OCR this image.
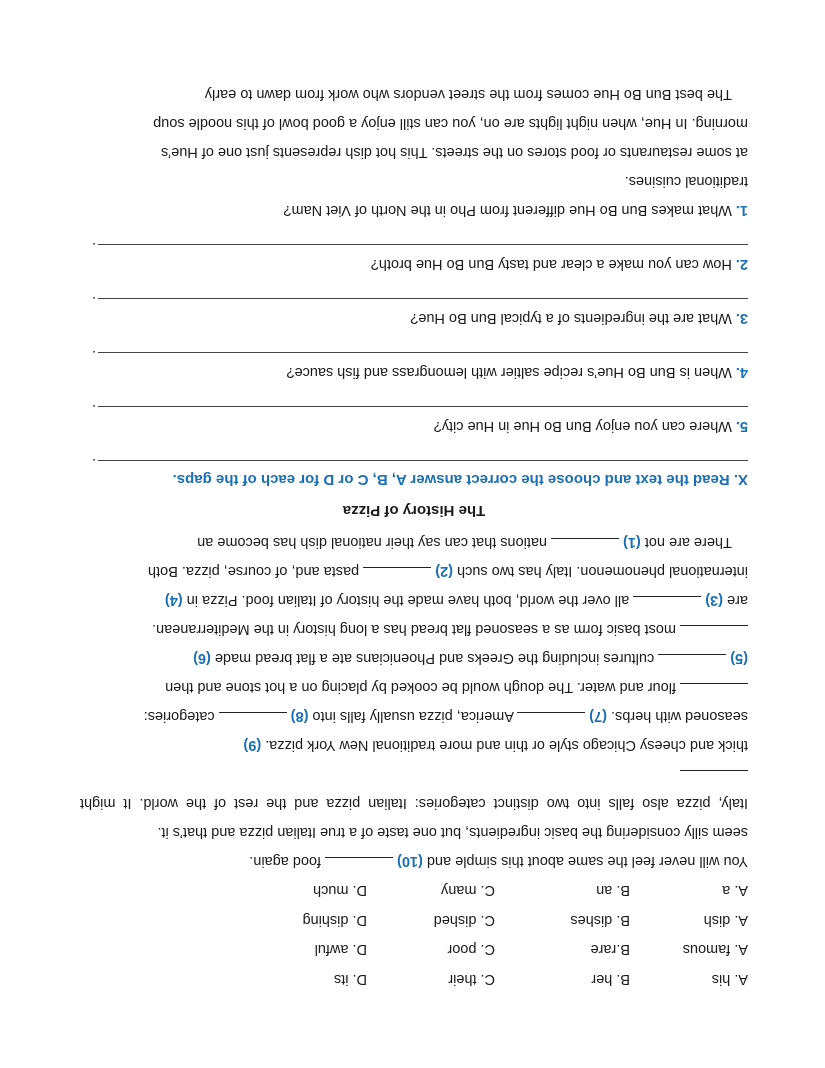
A. his
B. her
C. their
D. its
A. famous
B.rare
C. poor
D. awful
A. dish
B. dishes
C. dished
D. dishing
A. a
B. an
C. many
D. much
You will never feel the same about this simple and (10)  food again.
seem silly considering the basic ingredients, but one taste of a true Italian pizza and that’s it.
Italy, pizza also falls into two distinct categories: Italian pizza and the rest of the world. It might
thick and cheesy Chicago style or thin and more traditional New York pizza. (9)
seasoned with herbs. (7)  America, pizza usually falls into (8)  categories:
flour and water. The dough would be cooked by placing on a hot stone and then
(5)  cultures including the Greeks and Phoenicians ate a flat bread made (6)
most basic form as a seasoned flat bread has a long history in the Mediterranean.
are (3)  all over the world, both have made the history of Italian food. Pizza in (4)
international phenomenon. Italy has two such (2)  pasta and, of course, pizza. Both
There are not (1)  nations that can say their national dish has become an
The History of Pizza
X. Read the text and choose the correct answer A, B, C or D for each of the gaps.
.
5. Where can you enjoy Bun Bo Hue in Hue city?
.
4. When is Bun Bo Hue’s recipe saltier with lemongrass and fish sauce?
.
3. What are the ingredients of a typical Bun Bo Hue?
.
2. How can you make a clear and tasty Bun Bo Hue broth?
.
1. What makes Bun Bo Hue different from Pho in the North of Viet Nam?
traditional cuisines.
at some restaurants or food stores on the streets. This hot dish represents just one of Hue’s
morning. In Hue, when night lights are on, you can still enjoy a good bowl of this noodle soup
The best Bun Bo Hue comes from the street vendors who work from dawn to early
